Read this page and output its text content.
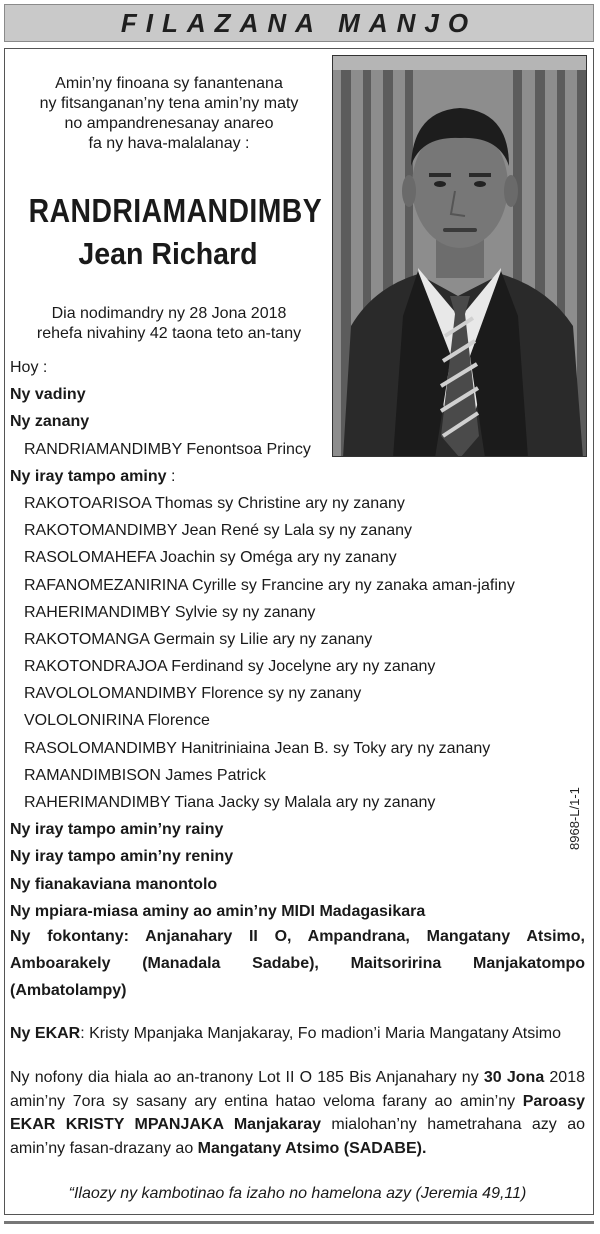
FILAZANA MANJO
Amin’ny finoana sy fanantenana
ny fitsanganan’ny tena amin’ny maty
no ampandrenesanay anareo
fa ny hava-malalanay :
RANDRIAMANDIMBY
Jean Richard
Dia nodimandry ny 28 Jona 2018
rehefa nivahiny 42 taona teto an-tany
Hoy :
Ny vadiny
Ny zanany
RANDRIAMANDIMBY Fenontsoa Princy
Ny iray tampo aminy :
RAKOTOARISOA Thomas sy Christine ary ny zanany
RAKOTOMANDIMBY Jean René sy Lala sy ny zanany
RASOLOMAHEFA Joachin sy Oméga ary ny zanany
RAFANOMEZANIRINA Cyrille sy Francine ary ny zanaka aman-jafiny
RAHERIMANDIMBY Sylvie sy ny zanany
RAKOTOMANGA Germain sy Lilie ary ny zanany
RAKOTONDRAJOA Ferdinand sy Jocelyne ary ny zanany
RAVOLOLOMANDIMBY Florence sy ny zanany
VOLOLONIRINA Florence
RASOLOMANDIMBY Hanitriniaina Jean B. sy Toky ary ny zanany
RAMANDIMBISON James Patrick
RAHERIMANDIMBY Tiana Jacky sy Malala ary ny zanany
Ny iray tampo amin’ny rainy
Ny iray tampo amin’ny reniny
Ny fianakaviana manontolo
Ny mpiara-miasa aminy ao amin’ny MIDI Madagasikara
Ny fokontany: Anjanahary II O, Ampandrana, Mangatany Atsimo, Amboarakely (Manadala Sadabe), Maitsoririna Manjakatompo (Ambatolampy)
Ny EKAR: Kristy Mpanjaka Manjakaray, Fo madion’i Maria Mangatany Atsimo
Ny nofony dia hiala ao an-tranony Lot II O 185 Bis Anjanahary ny 30 Jona 2018 amin’ny 7ora sy sasany ary entina hatao veloma farany ao amin’ny Paroasy EKAR KRISTY MPANJAKA Manjakaray mialohan’ny hametrahana azy ao amin’ny fasan-drazany ao Mangatany Atsimo (SADABE).
“Ilaozy ny kambotinao fa izaho no hamelona azy (Jeremia 49,11)
8968-L/1-1
